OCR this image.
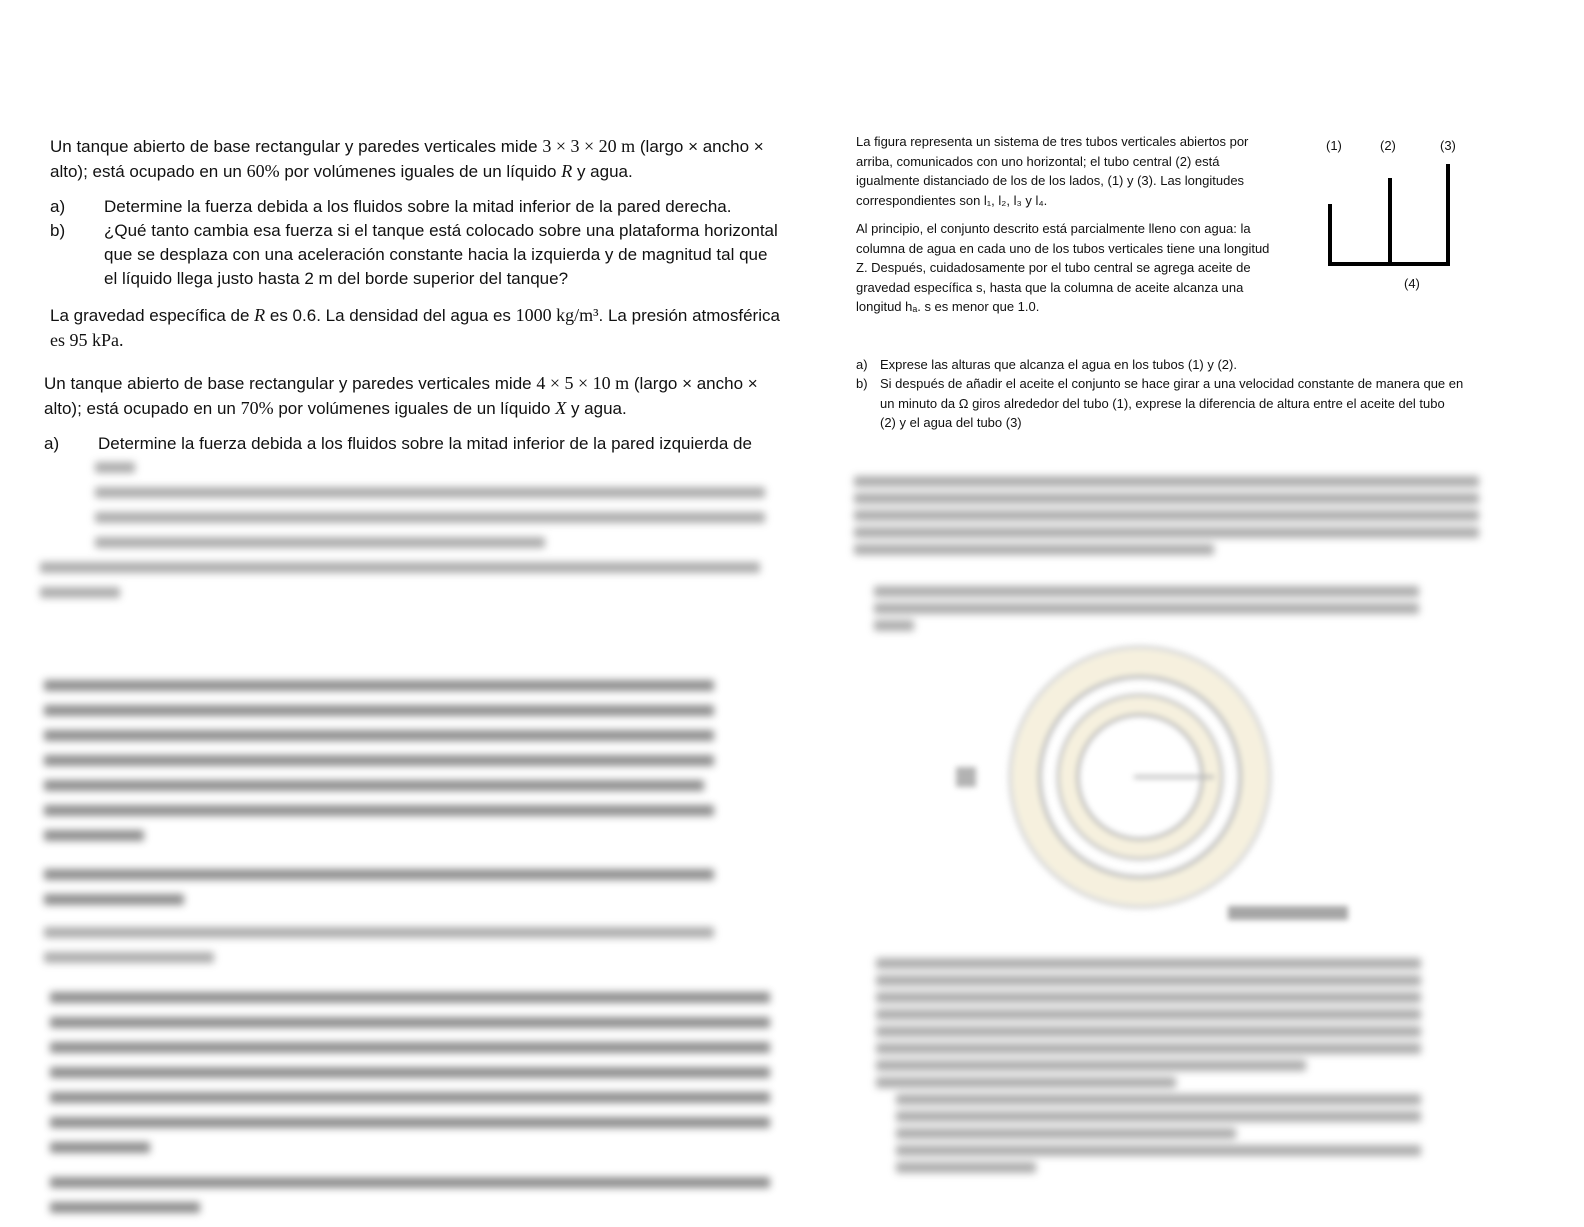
Un tanque abierto de base rectangular y paredes verticales mide 3 × 3 × 20 m (largo × ancho ×
alto); está ocupado en un 60% por volúmenes iguales de un líquido R y agua.

a)	Determine la fuerza debida a los fluidos sobre la mitad inferior de la pared derecha.
b)	¿Qué tanto cambia esa fuerza si el tanque está colocado sobre una plataforma horizontal
que se desplaza con una aceleración constante hacia la izquierda y de magnitud tal que
el líquido llega justo hasta 2 m del borde superior del tanque?

La gravedad específica de R es 0.6. La densidad del agua es 1000 kg/m³. La presión atmosférica
es 95 kPa.

Un tanque abierto de base rectangular y paredes verticales mide 4 × 5 × 10 m (largo × ancho ×
alto); está ocupado en un 70% por volúmenes iguales de un líquido X y agua.

a)	Determine la fuerza debida a los fluidos sobre la mitad inferior de la pared izquierda de

La figura representa un sistema de tres tubos verticales abiertos por
arriba, comunicados con uno horizontal; el tubo central (2) está
igualmente distanciado de los de los lados, (1) y (3). Las longitudes
correspondientes son l₁, l₂, l₃ y l₄.

Al principio, el conjunto descrito está parcialmente lleno con agua: la
columna de agua en cada uno de los tubos verticales tiene una longitud
Z. Después, cuidadosamente por el tubo central se agrega aceite de
gravedad específica s, hasta que la columna de aceite alcanza una
longitud hₐ. s es menor que 1.0.

(1)	(2)	(3)
(4)
a) Exprese las alturas que alcanza el agua en los tubos (1) y (2).
b) Si después de añadir el aceite el conjunto se hace girar a una velocidad constante de manera que en
un minuto da Ω giros alrededor del tubo (1), exprese la diferencia de altura entre el aceite del tubo
(2) y el agua del tubo (3)
